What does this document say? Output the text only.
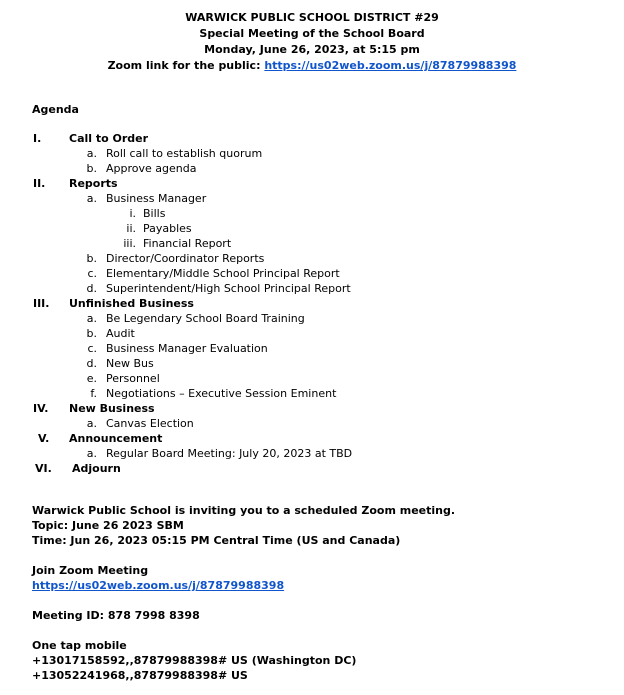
WARWICK PUBLIC SCHOOL DISTRICT #29
Special Meeting of the School Board
Monday, June 26, 2023, at 5:15 pm
Zoom link for the public: https://us02web.zoom.us/j/87879988398
Agenda
I.	Call to Order
a. Roll call to establish quorum
b. Approve agenda
II.	Reports
a. Business Manager
i. Bills
ii. Payables
iii. Financial Report
b. Director/Coordinator Reports
c. Elementary/Middle School Principal Report
d. Superintendent/High School Principal Report
III. Unfinished Business
a. Be Legendary School Board Training
b. Audit
c. Business Manager Evaluation
d. New Bus
e. Personnel
f. Negotiations – Executive Session Eminent
IV. New Business
a. Canvas Election
V.	Announcement
a. Regular Board Meeting: July 20, 2023 at TBD
VI. Adjourn
Warwick Public School is inviting you to a scheduled Zoom meeting.
Topic: June 26 2023 SBM
Time: Jun 26, 2023 05:15 PM Central Time (US and Canada)
Join Zoom Meeting
https://us02web.zoom.us/j/87879988398
Meeting ID: 878 7998 8398
One tap mobile
+13017158592,,87879988398# US (Washington DC)
+13052241968,,87879988398# US
